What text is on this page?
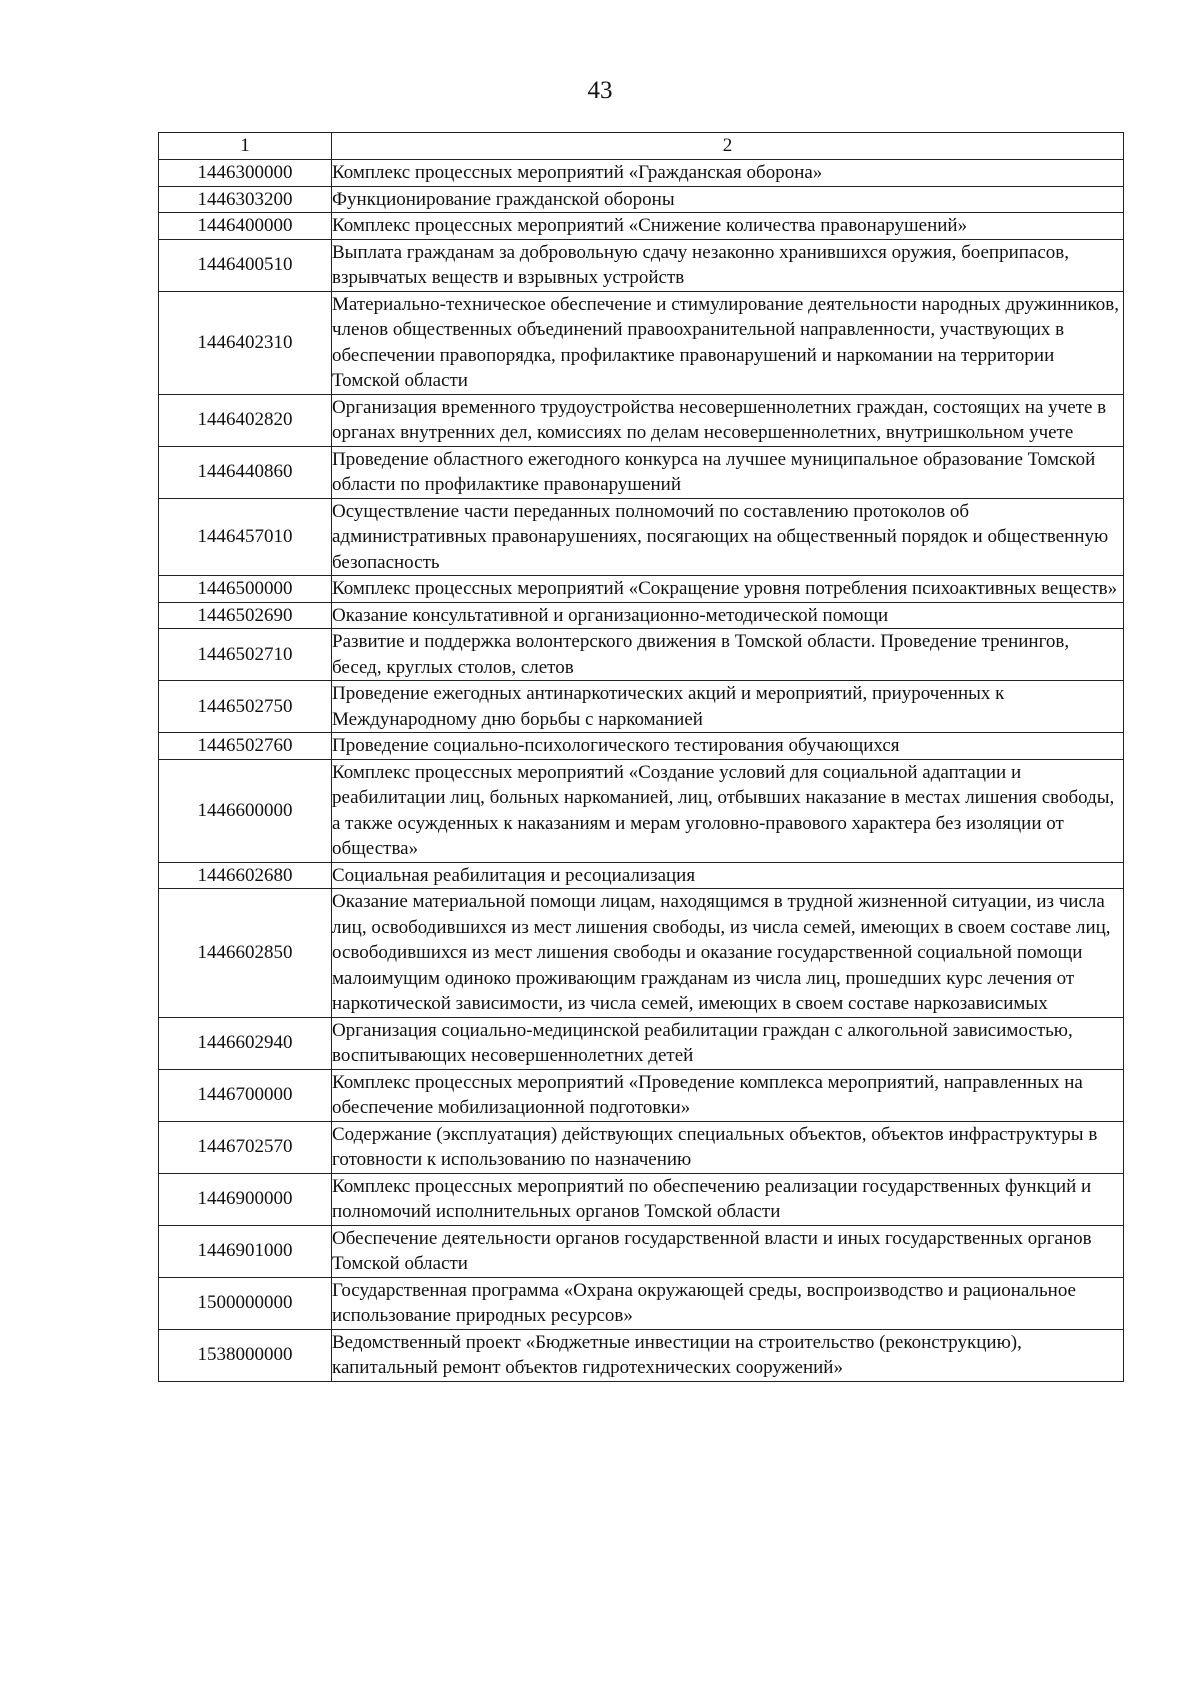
43
1	2
1446300000	Комплекс процессных мероприятий «Гражданская оборона»
1446303200	Функционирование гражданской обороны
1446400000	Комплекс процессных мероприятий «Снижение количества правонарушений»
1446400510	Выплата гражданам за добровольную сдачу незаконно хранившихся оружия, боеприпасов, взрывчатых веществ и взрывных устройств
1446402310	Материально-техническое обеспечение и стимулирование деятельности народных дружинников, членов общественных объединений правоохранительной направленности, участвующих в обеспечении правопорядка, профилактике правонарушений и наркомании на территории Томской области
1446402820	Организация временного трудоустройства несовершеннолетних граждан, состоящих на учете в органах внутренних дел, комиссиях по делам несовершеннолетних, внутришкольном учете
1446440860	Проведение областного ежегодного конкурса на лучшее муниципальное образование Томской области по профилактике правонарушений
1446457010	Осуществление части переданных полномочий по составлению протоколов об административных правонарушениях, посягающих на общественный порядок и общественную безопасность
1446500000	Комплекс процессных мероприятий «Сокращение уровня потребления психоактивных веществ»
1446502690	Оказание консультативной и организационно-методической помощи
1446502710	Развитие и поддержка волонтерского движения в Томской области. Проведение тренингов, бесед, круглых столов, слетов
1446502750	Проведение ежегодных антинаркотических акций и мероприятий, приуроченных к Международному дню борьбы с наркоманией
1446502760	Проведение социально-психологического тестирования обучающихся
1446600000	Комплекс процессных мероприятий «Создание условий для социальной адаптации и реабилитации лиц, больных наркоманией, лиц, отбывших наказание в местах лишения свободы, а также осужденных к наказаниям и мерам уголовно-правового характера без изоляции от общества»
1446602680	Социальная реабилитация и ресоциализация
1446602850	Оказание материальной помощи лицам, находящимся в трудной жизненной ситуации, из числа лиц, освободившихся из мест лишения свободы, из числа семей, имеющих в своем составе лиц, освободившихся из мест лишения свободы и оказание государственной социальной помощи малоимущим одиноко проживающим гражданам из числа лиц, прошедших курс лечения от наркотической зависимости, из числа семей, имеющих в своем составе наркозависимых
1446602940	Организация социально-медицинской реабилитации граждан с алкогольной зависимостью, воспитывающих несовершеннолетних детей
1446700000	Комплекс процессных мероприятий «Проведение комплекса мероприятий, направленных на обеспечение мобилизационной подготовки»
1446702570	Содержание (эксплуатация) действующих специальных объектов, объектов инфраструктуры в готовности к использованию по назначению
1446900000	Комплекс процессных мероприятий по обеспечению реализации государственных функций и полномочий исполнительных органов Томской области
1446901000	Обеспечение деятельности органов государственной власти и иных государственных органов Томской области
1500000000	Государственная программа «Охрана окружающей среды, воспроизводство и рациональное использование природных ресурсов»
1538000000	Ведомственный проект «Бюджетные инвестиции на строительство (реконструкцию), капитальный ремонт объектов гидротехнических сооружений»
